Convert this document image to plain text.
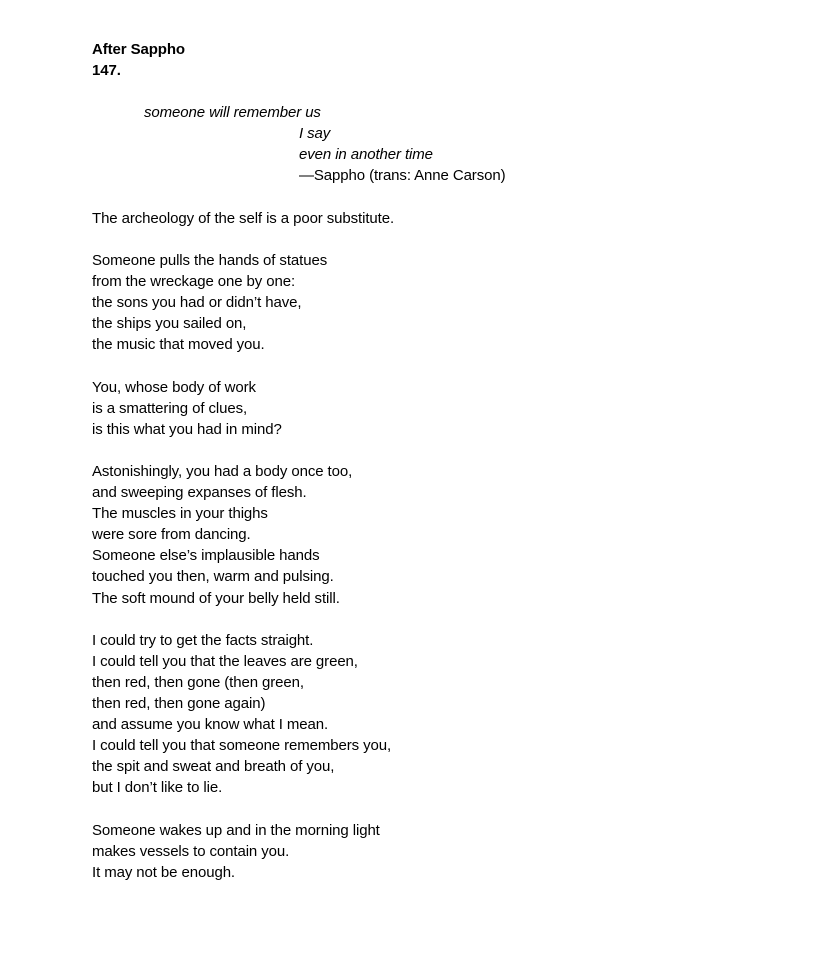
After Sappho
147.
someone will remember us
I say
even in another time
—Sappho (trans: Anne Carson)
The archeology of the self is a poor substitute.
Someone pulls the hands of statues
from the wreckage one by one:
the sons you had or didn’t have,
the ships you sailed on,
the music that moved you.
You, whose body of work
is a smattering of clues,
is this what you had in mind?
Astonishingly, you had a body once too,
and sweeping expanses of flesh.
The muscles in your thighs
were sore from dancing.
Someone else’s implausible hands
touched you then, warm and pulsing.
The soft mound of your belly held still.
I could try to get the facts straight.
I could tell you that the leaves are green,
then red, then gone (then green,
then red, then gone again)
and assume you know what I mean.
I could tell you that someone remembers you,
the spit and sweat and breath of you,
but I don’t like to lie.
Someone wakes up and in the morning light
makes vessels to contain you.
It may not be enough.
